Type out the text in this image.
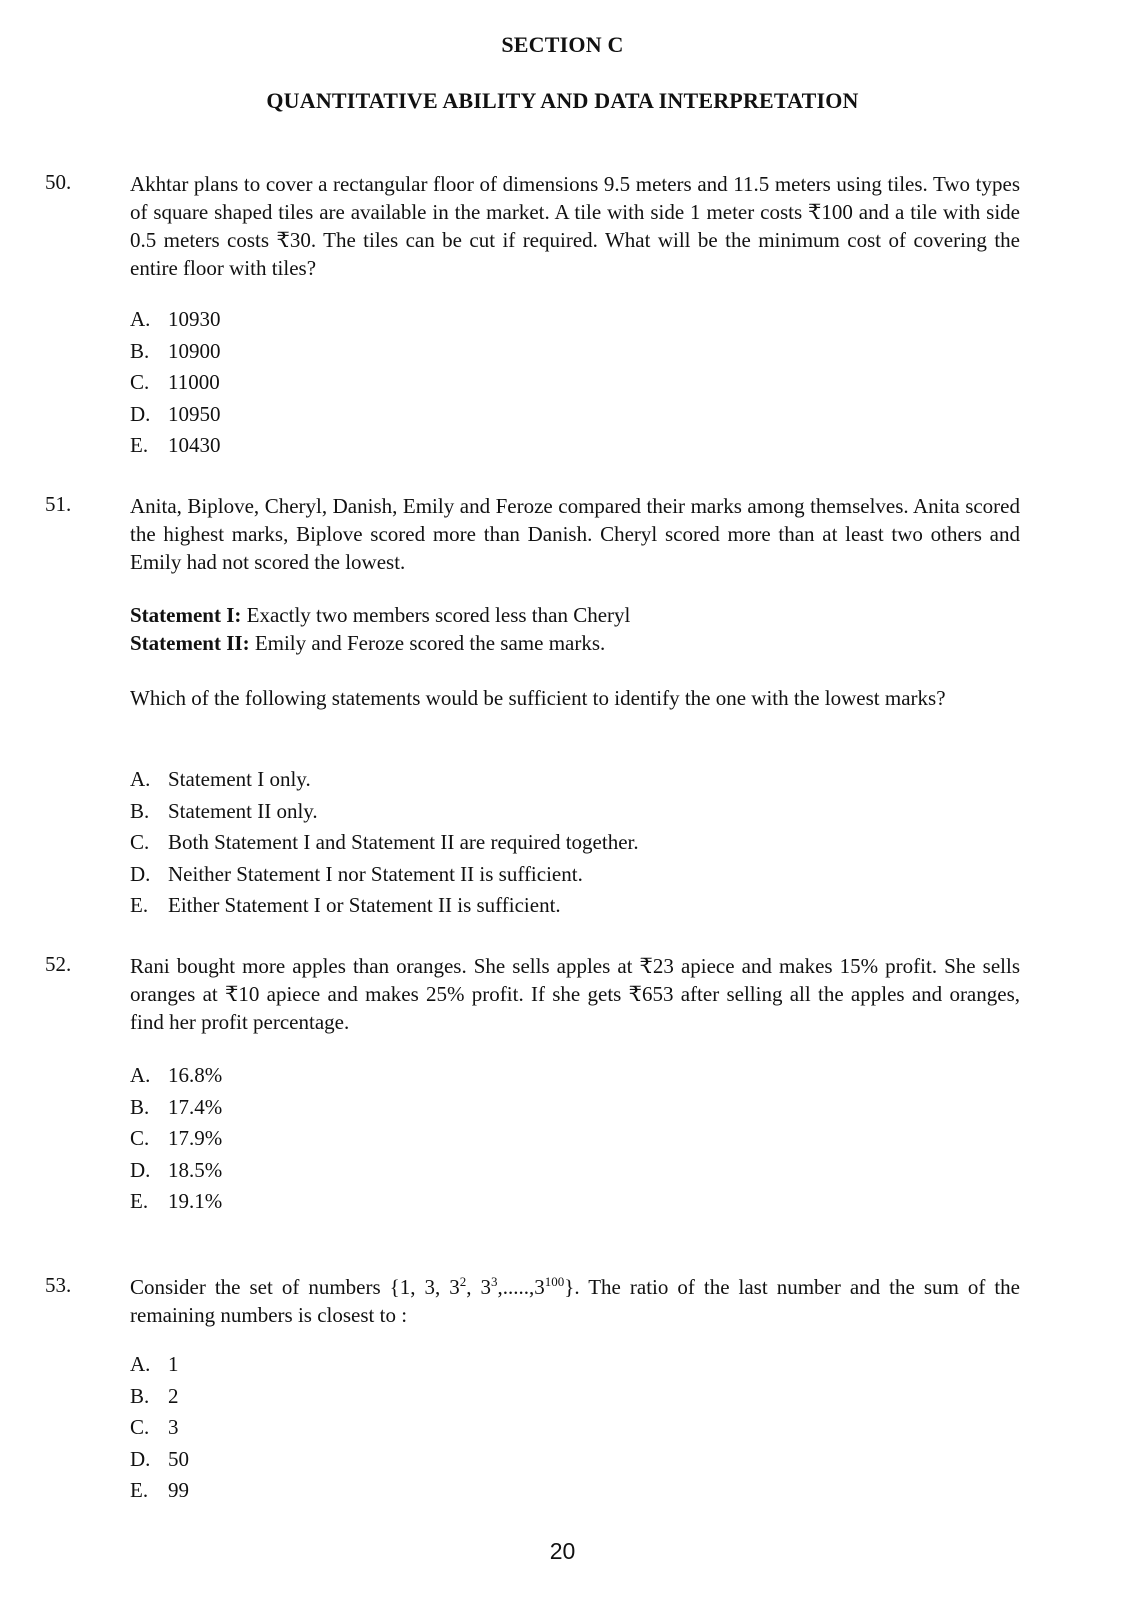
SECTION C
QUANTITATIVE ABILITY AND DATA INTERPRETATION
50.	Akhtar plans to cover a rectangular floor of dimensions 9.5 meters and 11.5 meters using tiles. Two types of square shaped tiles are available in the market. A tile with side 1 meter costs ₹100 and a tile with side 0.5 meters costs ₹30. The tiles can be cut if required. What will be the minimum cost of covering the entire floor with tiles?
A. 10930
B. 10900
C. 11000
D. 10950
E. 10430
51.	Anita, Biplove, Cheryl, Danish, Emily and Feroze compared their marks among themselves. Anita scored the highest marks, Biplove scored more than Danish. Cheryl scored more than at least two others and Emily had not scored the lowest.
Statement I: Exactly two members scored less than Cheryl
Statement II: Emily and Feroze scored the same marks.
Which of the following statements would be sufficient to identify the one with the lowest marks?
A. Statement I only.
B. Statement II only.
C. Both Statement I and Statement II are required together.
D. Neither Statement I nor Statement II is sufficient.
E. Either Statement I or Statement II is sufficient.
52.	Rani bought more apples than oranges. She sells apples at ₹23 apiece and makes 15% profit. She sells oranges at ₹10 apiece and makes 25% profit. If she gets ₹653 after selling all the apples and oranges, find her profit percentage.
A. 16.8%
B. 17.4%
C. 17.9%
D. 18.5%
E. 19.1%
53.	Consider the set of numbers {1, 3, $3^2$, $3^3,.....,3^{100}$}. The ratio of the last number and the sum of the remaining numbers is closest to :
A. 1
B. 2
C. 3
D. 50
E. 99
20
